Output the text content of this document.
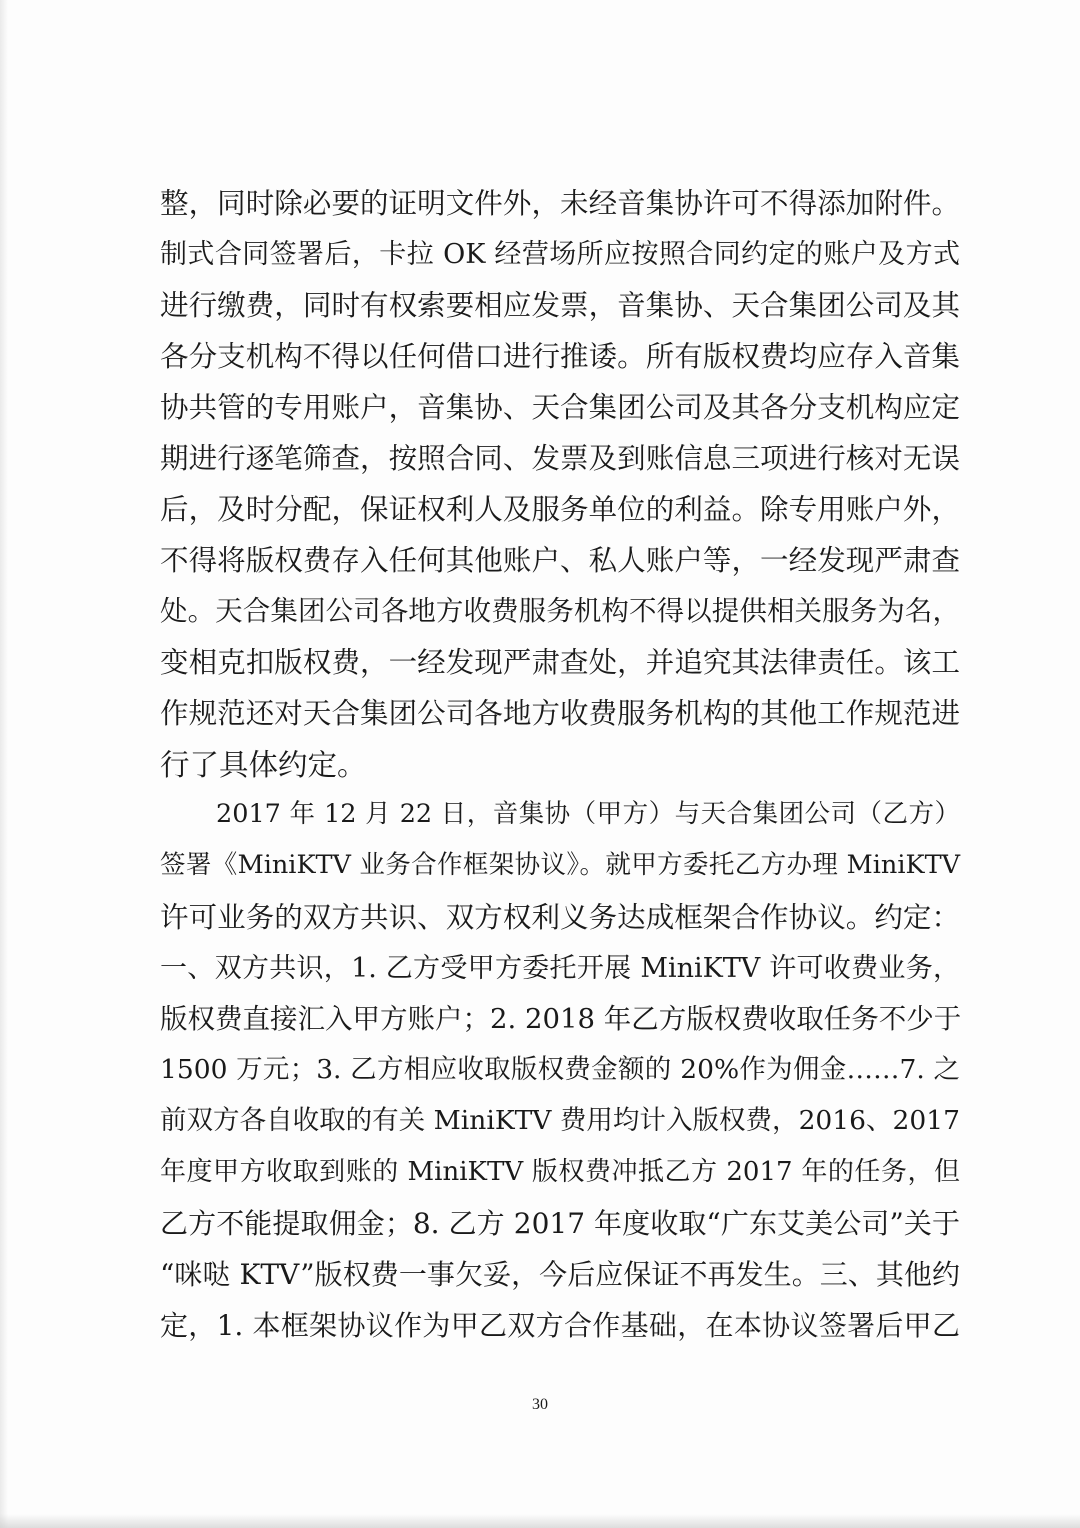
整，同时除必要的证明文件外，未经音集协许可不得添加附件。
制式合同签署后，卡拉 OK 经营场所应按照合同约定的账户及方式
进行缴费，同时有权索要相应发票，音集协、天合集团公司及其
各分支机构不得以任何借口进行推诿。所有版权费均应存入音集
协共管的专用账户，音集协、天合集团公司及其各分支机构应定
期进行逐笔筛查，按照合同、发票及到账信息三项进行核对无误
后，及时分配，保证权利人及服务单位的利益。除专用账户外，
不得将版权费存入任何其他账户、私人账户等，一经发现严肃查
处。天合集团公司各地方收费服务机构不得以提供相关服务为名，
变相克扣版权费，一经发现严肃查处，并追究其法律责任。该工
作规范还对天合集团公司各地方收费服务机构的其他工作规范进
行了具体约定。
2017 年 12 月 22 日，音集协（甲方）与天合集团公司（乙方）
签署《MiniKTV 业务合作框架协议》。就甲方委托乙方办理 MiniKTV
许可业务的双方共识、双方权利义务达成框架合作协议。约定：
一、双方共识，1. 乙方受甲方委托开展 MiniKTV 许可收费业务，
版权费直接汇入甲方账户；2. 2018 年乙方版权费收取任务不少于
1500 万元；3. 乙方相应收取版权费金额的 20%作为佣金……7. 之
前双方各自收取的有关 MiniKTV 费用均计入版权费，2016、2017
年度甲方收取到账的 MiniKTV 版权费冲抵乙方 2017 年的任务，但
乙方不能提取佣金；8. 乙方 2017 年度收取“广东艾美公司”关于
“咪哒 KTV”版权费一事欠妥，今后应保证不再发生。三、其他约
定，1. 本框架协议作为甲乙双方合作基础，在本协议签署后甲乙
30
